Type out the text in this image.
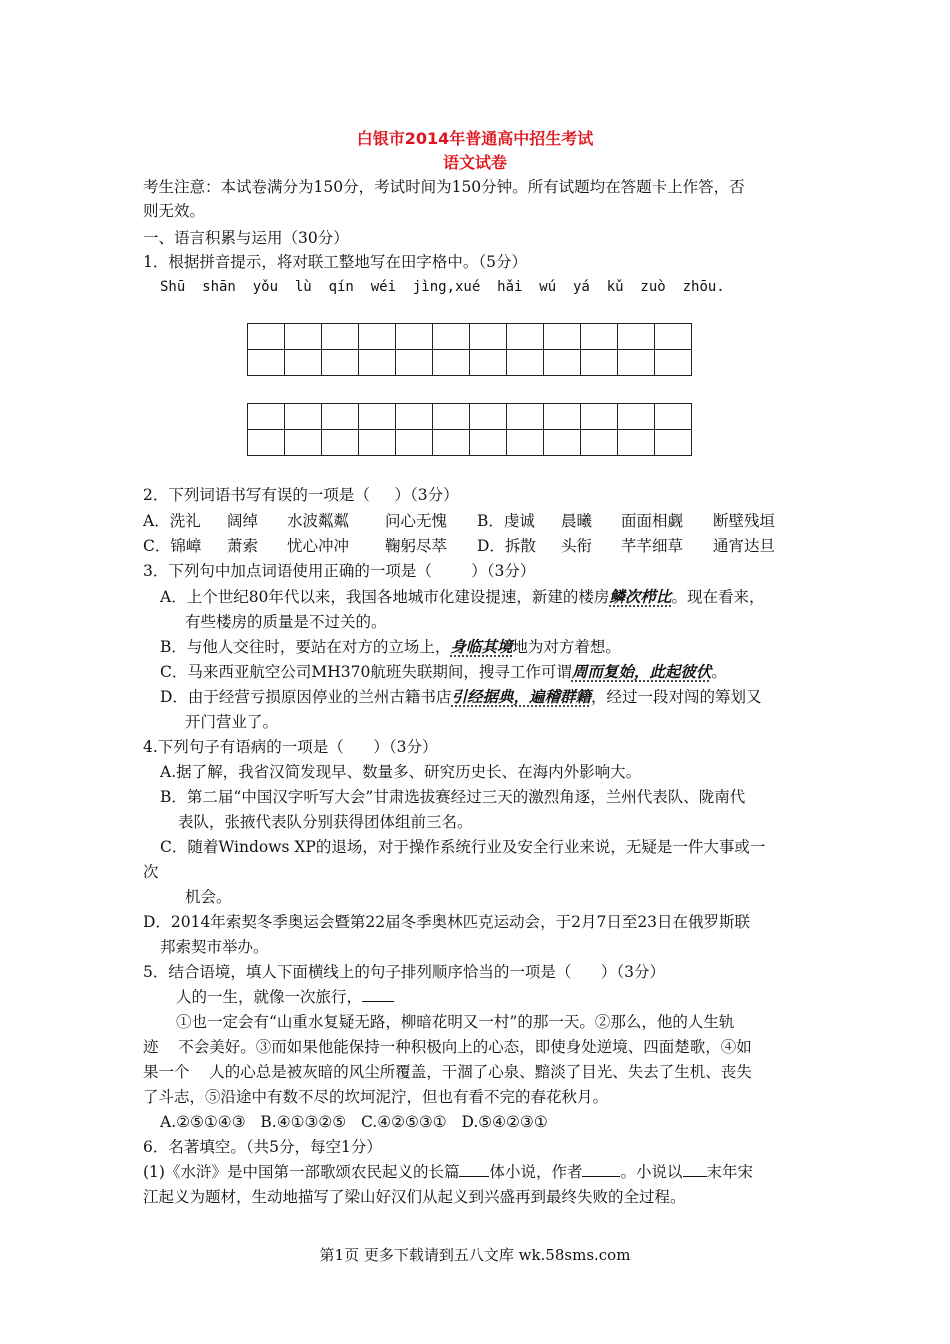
白银市2014年普通高中招生考试
语文试卷
考生注意：本试卷满分为150分，考试时间为150分钟。所有试题均在答题卡上作答，否
则无效。
一、语言积累与运用（30分）
1．根据拼音提示，将对联工整地写在田字格中。（5分）
Shū  shān  yǒu  lù  qín  wéi  jìng,xué  hǎi  wú  yá  kǔ  zuò  zhōu.

2．下列词语书写有误的一项是（     ）（3分）
A．洗礼 阔绰 水波粼粼 问心无愧 B．虔诚 晨曦 面面相觑 断壁残垣
C．锦嶂 萧索 忧心冲冲 鞠躬尽萃 D．拆散 头衔 芊芊细草 通宵达旦
3．下列句中加点词语使用正确的一项是（        ）（3分）
A．上个世纪80年代以来，我国各地城市化建设提速，新建的楼房鳞次栉比。现在看来，
有些楼房的质量是不过关的。
B．与他人交往时，要站在对方的立场上，身临其境地为对方着想。
C．马来西亚航空公司MH370航班失联期间，搜寻工作可谓周而复始，此起彼伏。
D．由于经营亏损原因停业的兰州古籍书店引经据典，遍稽群籍，经过一段对闯的筹划又
开门营业了。
4.下列句子有语病的一项是（      ）（3分）
A.据了解，我省汉简发现早、数量多、研究历史长、在海内外影响大。
B．第二届“中国汉字听写大会”甘肃选拔赛经过三天的激烈角逐，兰州代表队、陇南代
表队，张掖代表队分别获得团体组前三名。
C．随着Windows XP的退场，对于操作系统行业及安全行业来说，无疑是一件大事或一
次
机会。
D．2014年索契冬季奥运会暨第22届冬季奥林匹克运动会，于2月7日至23日在俄罗斯联
邦索契市举办。
5．结合语境，填人下面横线上的句子排列顺序恰当的一项是（      ）（3分）
人的一生，就像一次旅行，
①也一定会有“山重水复疑无路，柳暗花明又一村”的那一天。②那么，他的人生轨
迹    不会美好。③而如果他能保持一种积极向上的心态，即使身处逆境、四面楚歌，④如
果一个    人的心总是被灰暗的风尘所覆盖，干涸了心泉、黯淡了目光、失去了生机、丧失
了斗志，⑤沿途中有数不尽的坎坷泥泞，但也有看不完的春花秋月。
A.②⑤①④③   B.④①③②⑤   C.④②⑤③①   D.⑤④②③①
6．名著填空。（共5分，每空1分）
(1)《水浒》是中国第一部歌颂农民起义的长篇 体小说，作者 。小说以 末年宋
江起义为题材，生动地描写了梁山好汉们从起义到兴盛再到最终失败的全过程。
第1页 更多下载请到五八文库 wk.58sms.com
